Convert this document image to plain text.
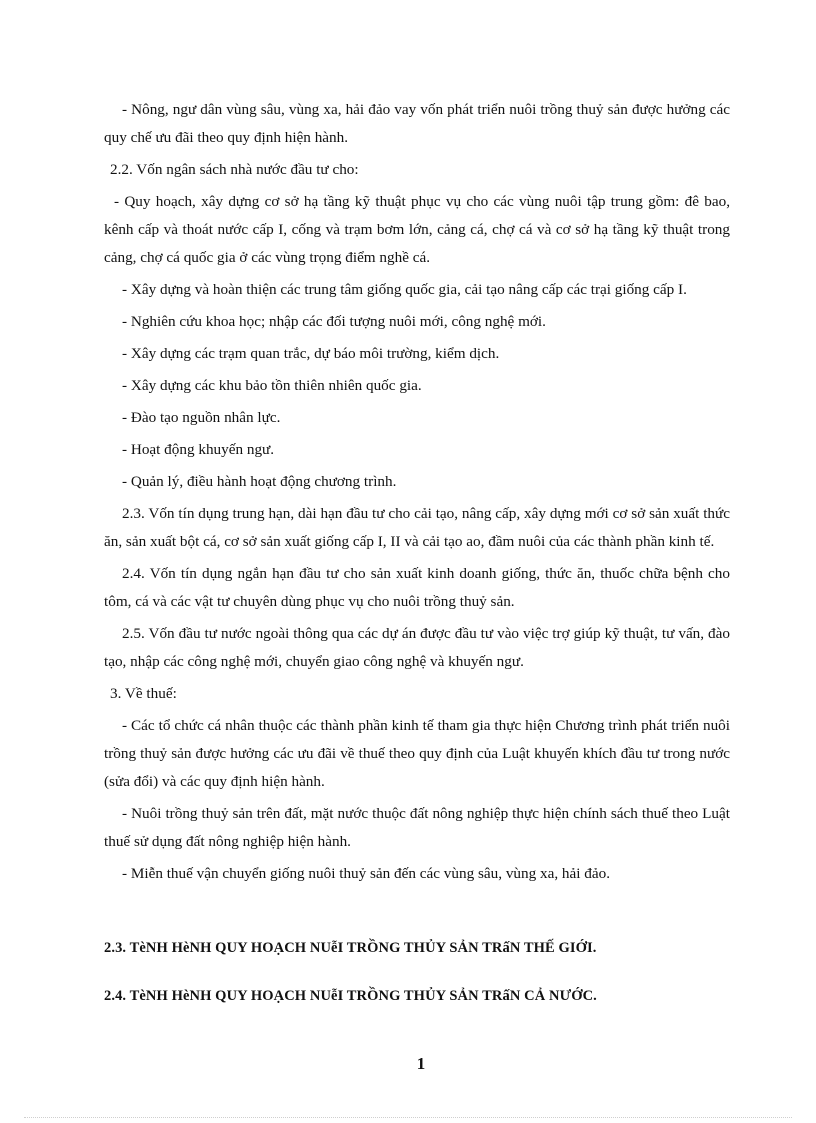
- Nông, ngư dân vùng sâu, vùng xa, hải đảo vay vốn phát triển nuôi trồng thuỷ sản được hưởng các quy chế ưu đãi theo quy định hiện hành.

2.2. Vốn ngân sách nhà nước đầu tư cho:

- Quy hoạch, xây dựng cơ sở hạ tầng kỹ thuật phục vụ cho các vùng nuôi tập trung gồm: đê bao, kênh cấp và thoát nước cấp I, cống và trạm bơm lớn, cảng cá, chợ cá và cơ sở hạ tầng kỹ thuật trong cảng, chợ cá quốc gia ở các vùng trọng điểm nghề cá.

- Xây dựng và hoàn thiện các trung tâm giống quốc gia, cải tạo nâng cấp các trại giống cấp I.

- Nghiên cứu khoa học; nhập các đối tượng nuôi mới, công nghệ mới.

- Xây dựng các trạm quan trắc, dự báo môi trường, kiểm dịch.

- Xây dựng các khu bảo tồn thiên nhiên quốc gia.

- Đào tạo nguồn nhân lực.

- Hoạt động khuyến ngư.

- Quản lý, điều hành hoạt động chương trình.

2.3. Vốn tín dụng trung hạn, dài hạn đầu tư cho cải tạo, nâng cấp, xây dựng mới cơ sở sản xuất thức ăn, sản xuất bột cá, cơ sở sản xuất giống cấp I, II và cải tạo ao, đầm nuôi của các thành phần kinh tế.

2.4. Vốn tín dụng ngắn hạn đầu tư cho sản xuất kinh doanh giống, thức ăn, thuốc chữa bệnh cho tôm, cá và các vật tư chuyên dùng phục vụ cho nuôi trồng thuỷ sản.

2.5. Vốn đầu tư nước ngoài thông qua các dự án được đầu tư vào việc trợ giúp kỹ thuật, tư vấn, đào tạo, nhập các công nghệ mới, chuyển giao công nghệ và khuyến ngư.

3. Về thuế:

- Các tổ chức cá nhân thuộc các thành phần kinh tế tham gia thực hiện Chương trình phát triển nuôi trồng thuỷ sản được hưởng các ưu đãi về thuế theo quy định của Luật khuyến khích đầu tư trong nước (sửa đổi) và các quy định hiện hành.

- Nuôi trồng thuỷ sản trên đất, mặt nước thuộc đất nông nghiệp thực hiện chính sách thuế theo Luật thuế sử dụng đất nông nghiệp hiện hành.

- Miễn thuế vận chuyển giống nuôi thuỷ sản đến các vùng sâu, vùng xa, hải đảo.

2.3. TèNH HèNH QUY HOẠCH NUễI TRỒNG THỦY SẢN TRấN THẾ GIỚI.
2.4. TèNH HèNH QUY HOẠCH NUễI TRỒNG THỦY SẢN TRấN CẢ NƯỚC.
1
